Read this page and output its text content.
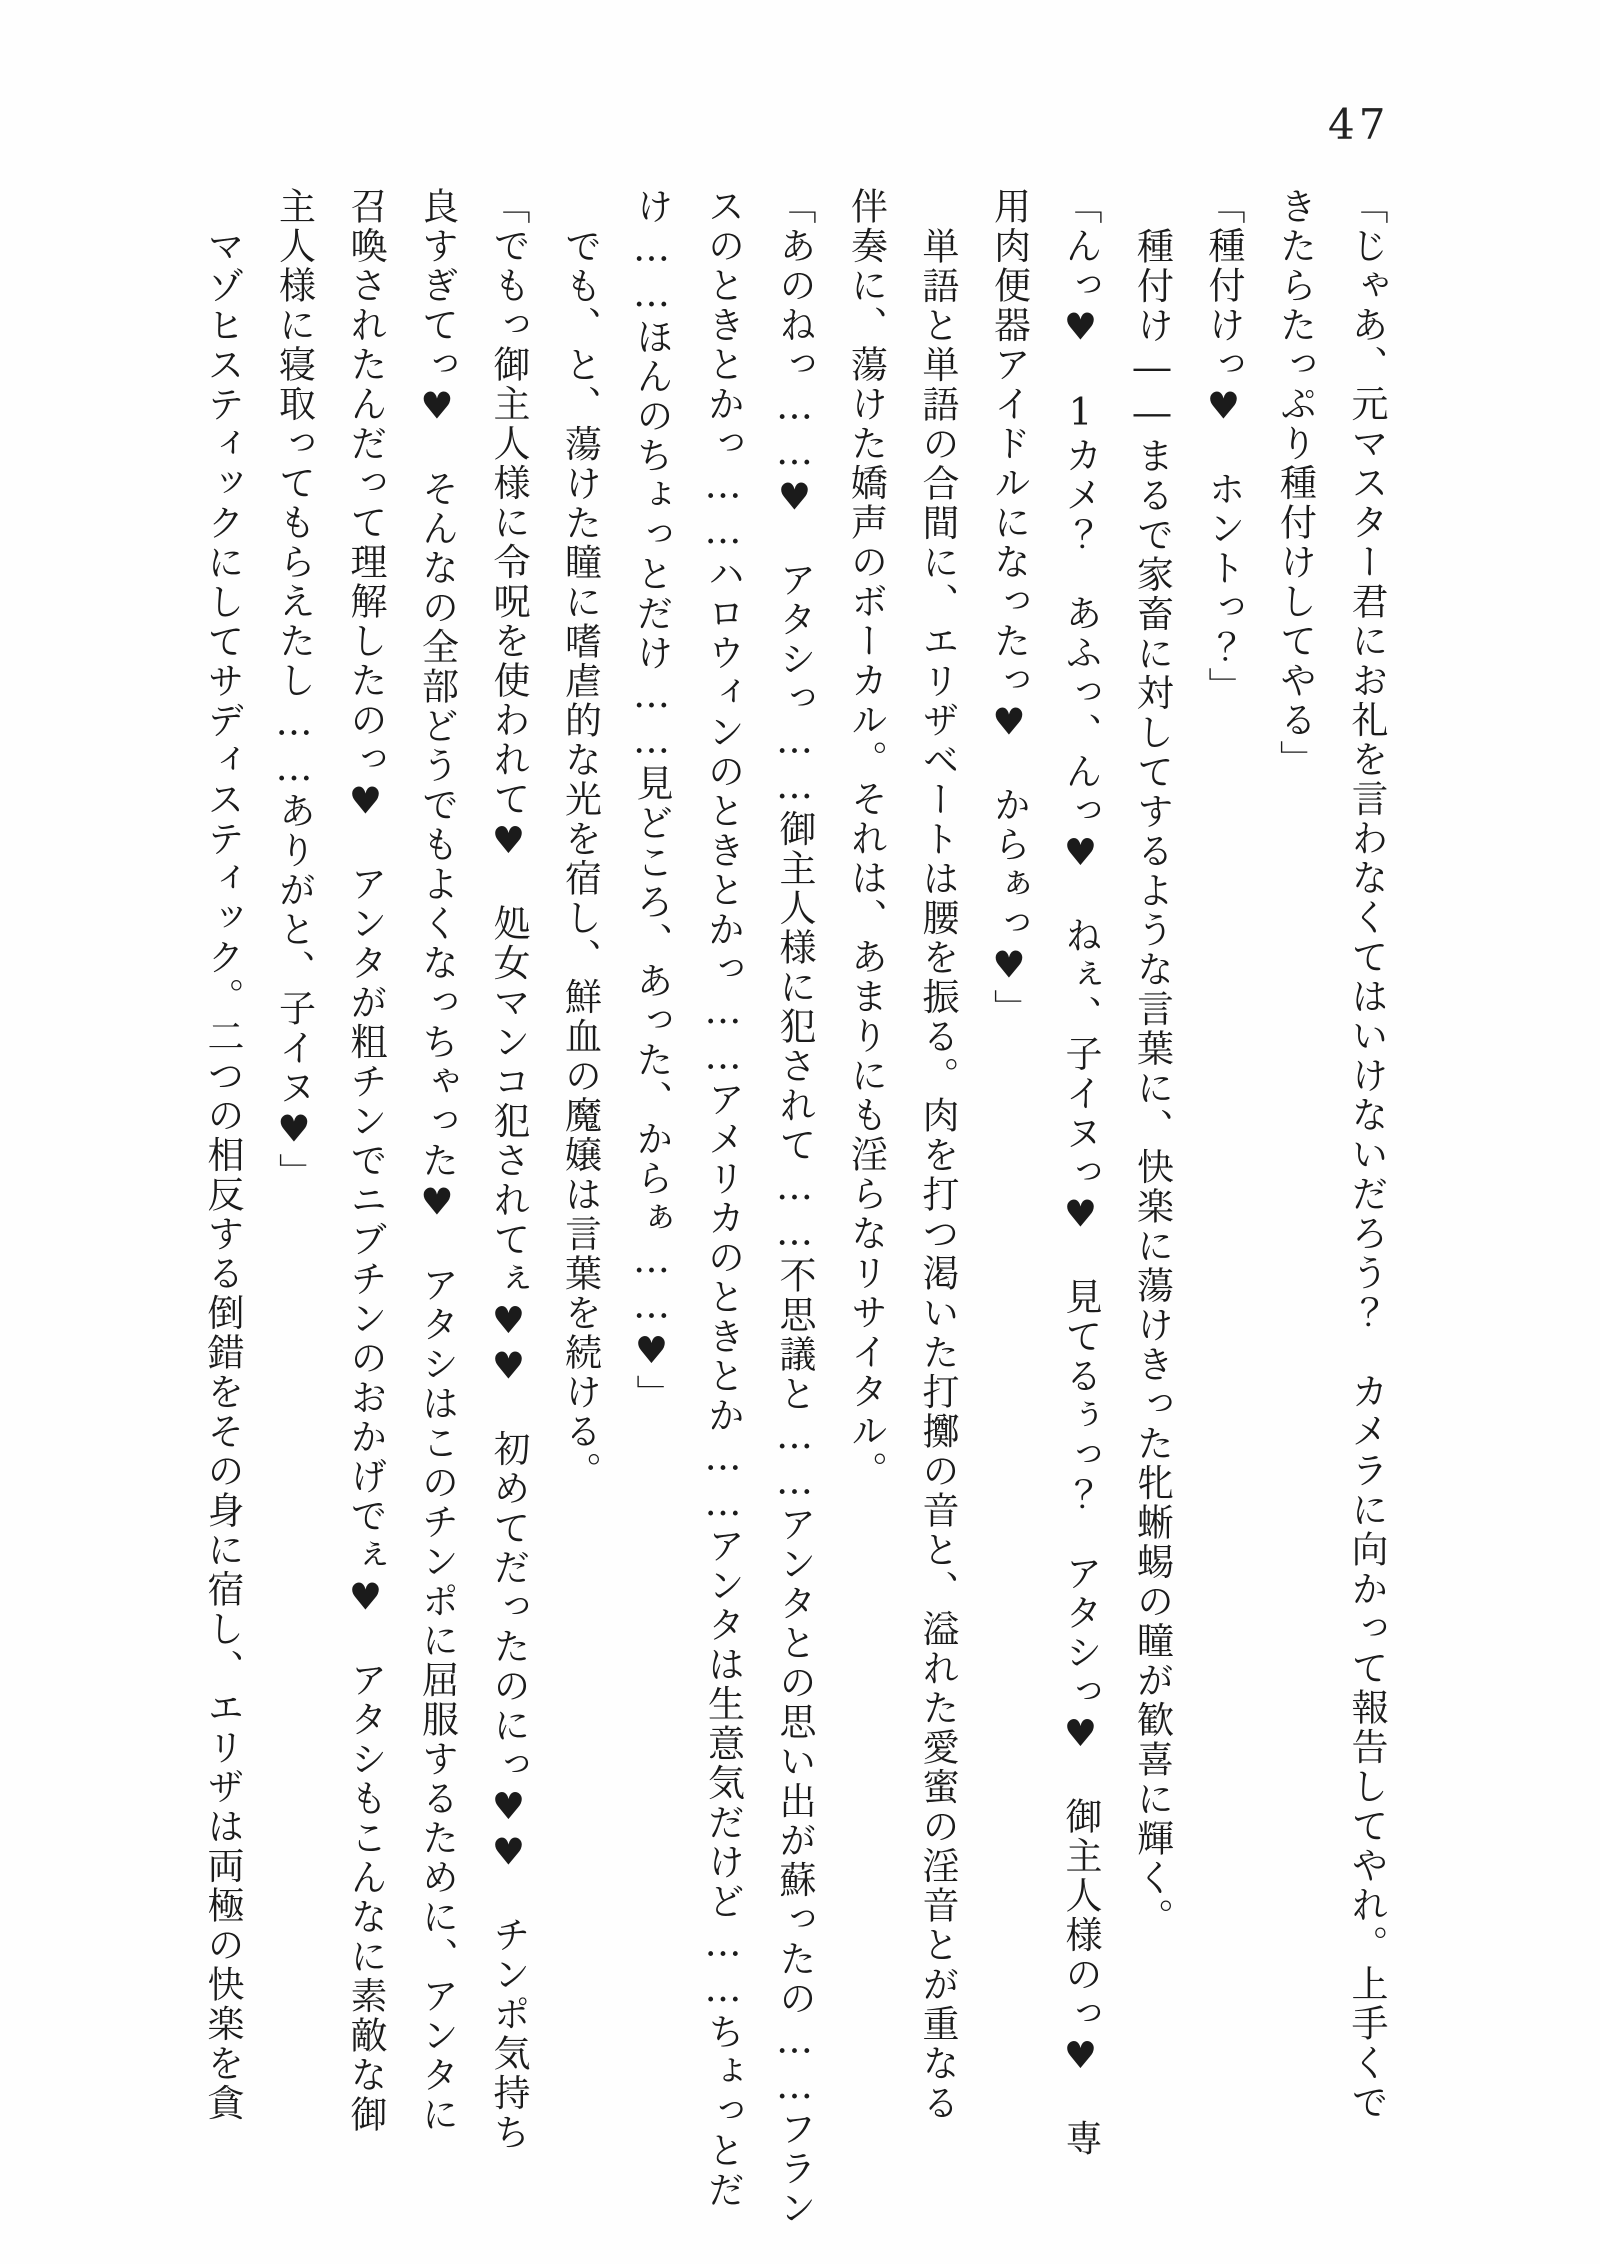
47

「じゃあ、元マスター君にお礼を言わなくてはいけないだろう？　カメラに向かって報告してやれ。上手くで

きたらたっぷり種付けしてやる」

「種付けっ♥　ホントっ？」

種付け――まるで家畜に対してするような言葉に、快楽に蕩けきった牝蜥蜴の瞳が歓喜に輝く。

「んっ♥　1カメ？　あふっ、んっ♥　ねぇ、子イヌっ♥　見てるぅっ？　アタシっ♥　御主人様のっ♥　専

用肉便器アイドルになったっ♥　からぁっ♥」

単語と単語の合間に、エリザベートは腰を振る。肉を打つ渇いた打擲の音と、溢れた愛蜜の淫音とが重なる

伴奏に、蕩けた嬌声のボーカル。それは、あまりにも淫らなリサイタル。

「あのねっ……♥　アタシっ……御主人様に犯されて……不思議と……アンタとの思い出が蘇ったの……フラン

スのときとかっ……ハロウィンのときとかっ……アメリカのときとか……アンタは生意気だけど……ちょっとだ

け……ほんのちょっとだけ……見どころ、あった、からぁ……♥」

でも、と、蕩けた瞳に嗜虐的な光を宿し、鮮血の魔嬢は言葉を続ける。

「でもっ御主人様に令呪を使われて♥　処女マンコ犯されてぇ♥♥　初めてだったのにっ♥♥　チンポ気持ち

良すぎてっ♥　そんなの全部どうでもよくなっちゃった♥　アタシはこのチンポに屈服するために、アンタに

召喚されたんだって理解したのっ♥　アンタが粗チンでニブチンのおかげでぇ♥　アタシもこんなに素敵な御

主人様に寝取ってもらえたし……ありがと、子イヌ♥」

マゾヒスティックにしてサディスティック。二つの相反する倒錯をその身に宿し、エリザは両極の快楽を貪
